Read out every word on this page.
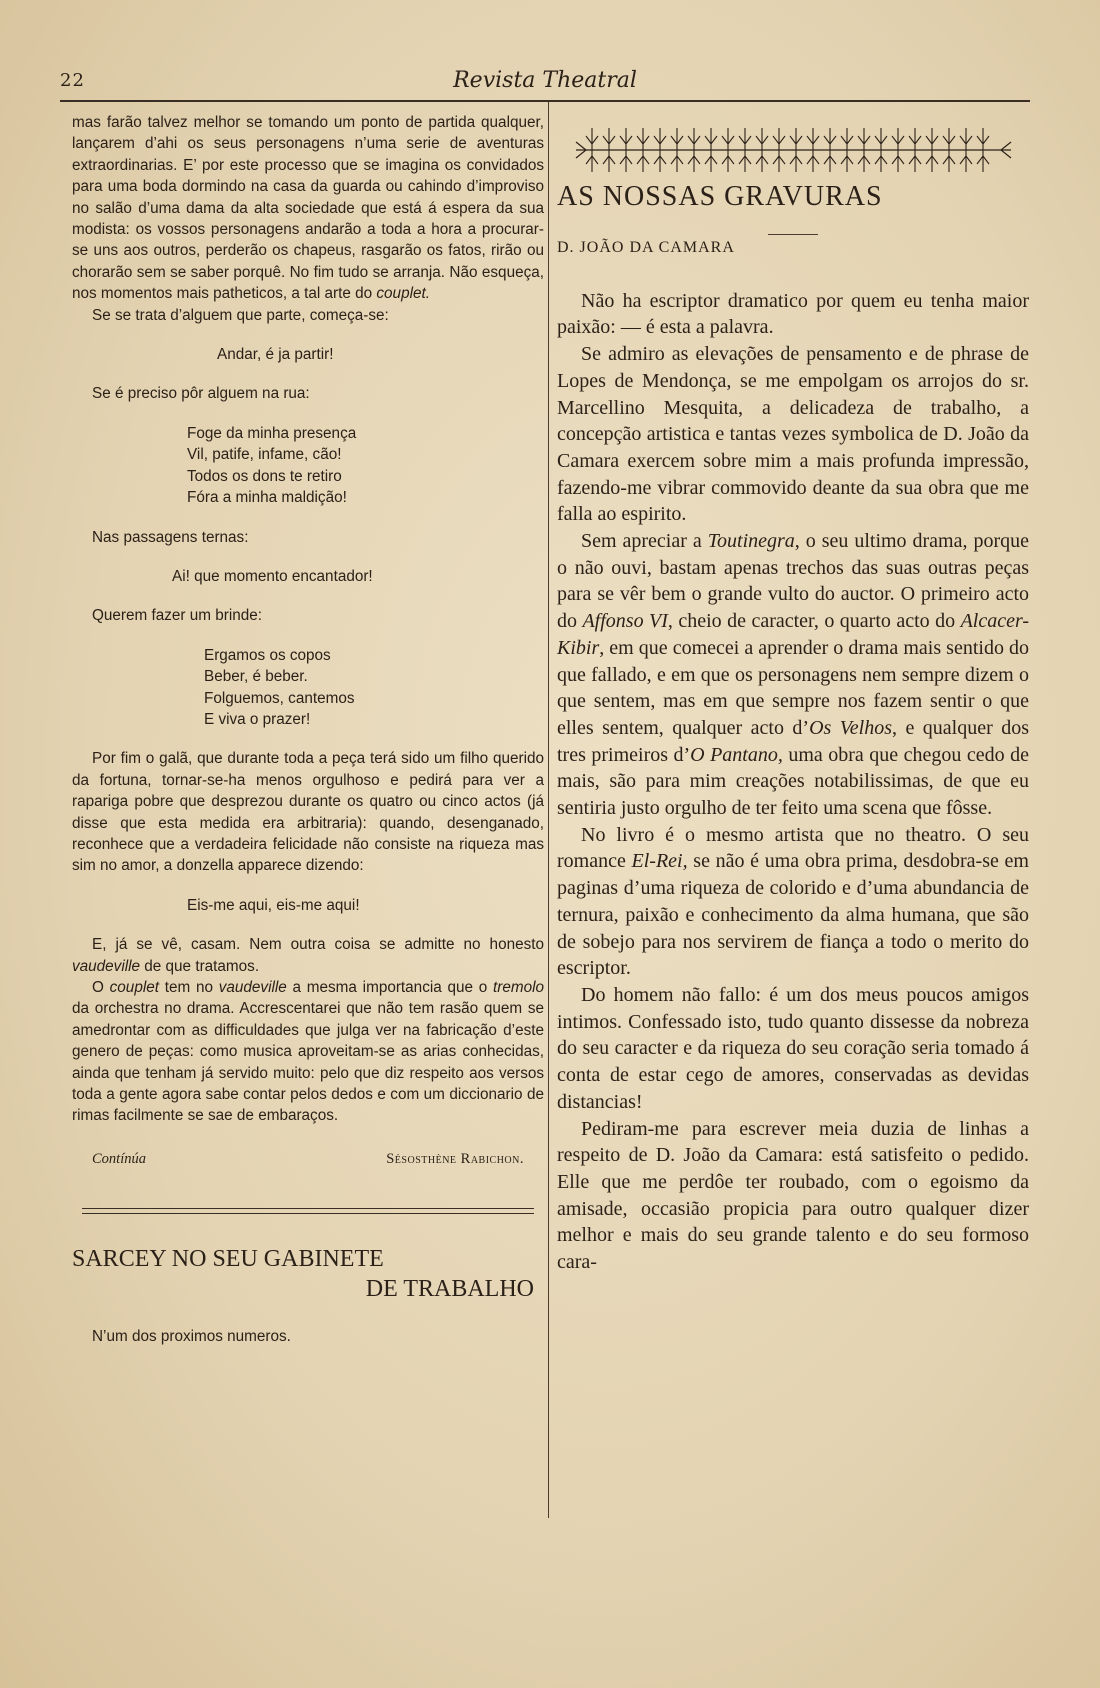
22	Revista Theatral

mas farão talvez melhor se tomando um ponto de partida qualquer, lançarem d’ahi os seus personagens n’uma serie de aventuras extraordinarias. E’ por este processo que se imagina os convidados para uma boda dormindo na casa da guarda ou cahindo d’improviso no salão d’uma dama da alta sociedade que está á espera da sua modista: os vossos personagens andarão a toda a hora a procurar-se uns aos outros, perderão os chapeus, rasgarão os fatos, rirão ou chorarão sem se saber porquê. No fim tudo se arranja. Não esqueça, nos momentos mais patheticos, a tal arte do couplet.

Se se trata d’alguem que parte, começa-se:

Andar, é ja partir!

Se é preciso pôr alguem na rua:

Foge da minha presença

Vil, patife, infame, cão!

Todos os dons te retiro

Fóra a minha maldição!

Nas passagens ternas:

Ai! que momento encantador!

Querem fazer um brinde:

Ergamos os copos

Beber, é beber.

Folguemos, cantemos

E viva o prazer!

Por fim o galã, que durante toda a peça terá sido um filho querido da fortuna, tornar-se-ha menos orgulhoso e pedirá para ver a rapariga pobre que desprezou durante os quatro ou cinco actos (já disse que esta medida era arbitraria): quando, desenganado, reconhece que a verdadeira felicidade não consiste na riqueza mas sim no amor, a donzella apparece dizendo:

Eis-me aqui, eis-me aqui!

E, já se vê, casam. Nem outra coisa se admitte no honesto vaudeville de que tratamos.

O couplet tem no vaudeville a mesma importancia que o tremolo da orchestra no drama. Accrescentarei que não tem rasão quem se amedrontar com as difficuldades que julga ver na fabricação d’este genero de peças: como musica aproveitam-se as arias conhecidas, ainda que tenham já servido muito: pelo que diz respeito aos versos toda a gente agora sabe contar pelos dedos e com um diccionario de rimas facilmente se sae de embaraços.

Contínúa	Sésosthène Rabichon.

SARCEY NO SEU GABINETE

DE TRABALHO

N’um dos proximos numeros.

AS NOSSAS GRAVURAS

D. JOÃO DA CAMARA

Não ha escriptor dramatico por quem eu tenha maior paixão: — é esta a palavra.

Se admiro as elevações de pensamento e de phrase de Lopes de Mendonça, se me empolgam os arrojos do sr. Marcellino Mesquita, a delicadeza de trabalho, a concepção artistica e tantas vezes symbolica de D. João da Camara exercem sobre mim a mais profunda impressão, fazendo-me vibrar commovido deante da sua obra que me falla ao espirito.

Sem apreciar a Toutinegra, o seu ultimo drama, porque o não ouvi, bastam apenas trechos das suas outras peças para se vêr bem o grande vulto do auctor. O primeiro acto do Affonso VI, cheio de caracter, o quarto acto do Alcacer-Kibir, em que comecei a aprender o drama mais sentido do que fallado, e em que os personagens nem sempre dizem o que sentem, mas em que sempre nos fazem sentir o que elles sentem, qualquer acto d’Os Velhos, e qualquer dos tres primeiros d’O Pantano, uma obra que chegou cedo de mais, são para mim creações notabilissimas, de que eu sentiria justo orgulho de ter feito uma scena que fôsse.

No livro é o mesmo artista que no theatro. O seu romance El-Rei, se não é uma obra prima, desdobra-se em paginas d’uma riqueza de colorido e d’uma abundancia de ternura, paixão e conhecimento da alma humana, que são de sobejo para nos servirem de fiança a todo o merito do escriptor.

Do homem não fallo: é um dos meus poucos amigos intimos. Confessado isto, tudo quanto dissesse da nobreza do seu caracter e da riqueza do seu coração seria tomado á conta de estar cego de amores, conservadas as devidas distancias!

Pediram-me para escrever meia duzia de linhas a respeito de D. João da Camara: está satisfeito o pedido. Elle que me perdôe ter roubado, com o egoismo da amisade, occasião propicia para outro qualquer dizer melhor e mais do seu grande talento e do seu formoso cara-
